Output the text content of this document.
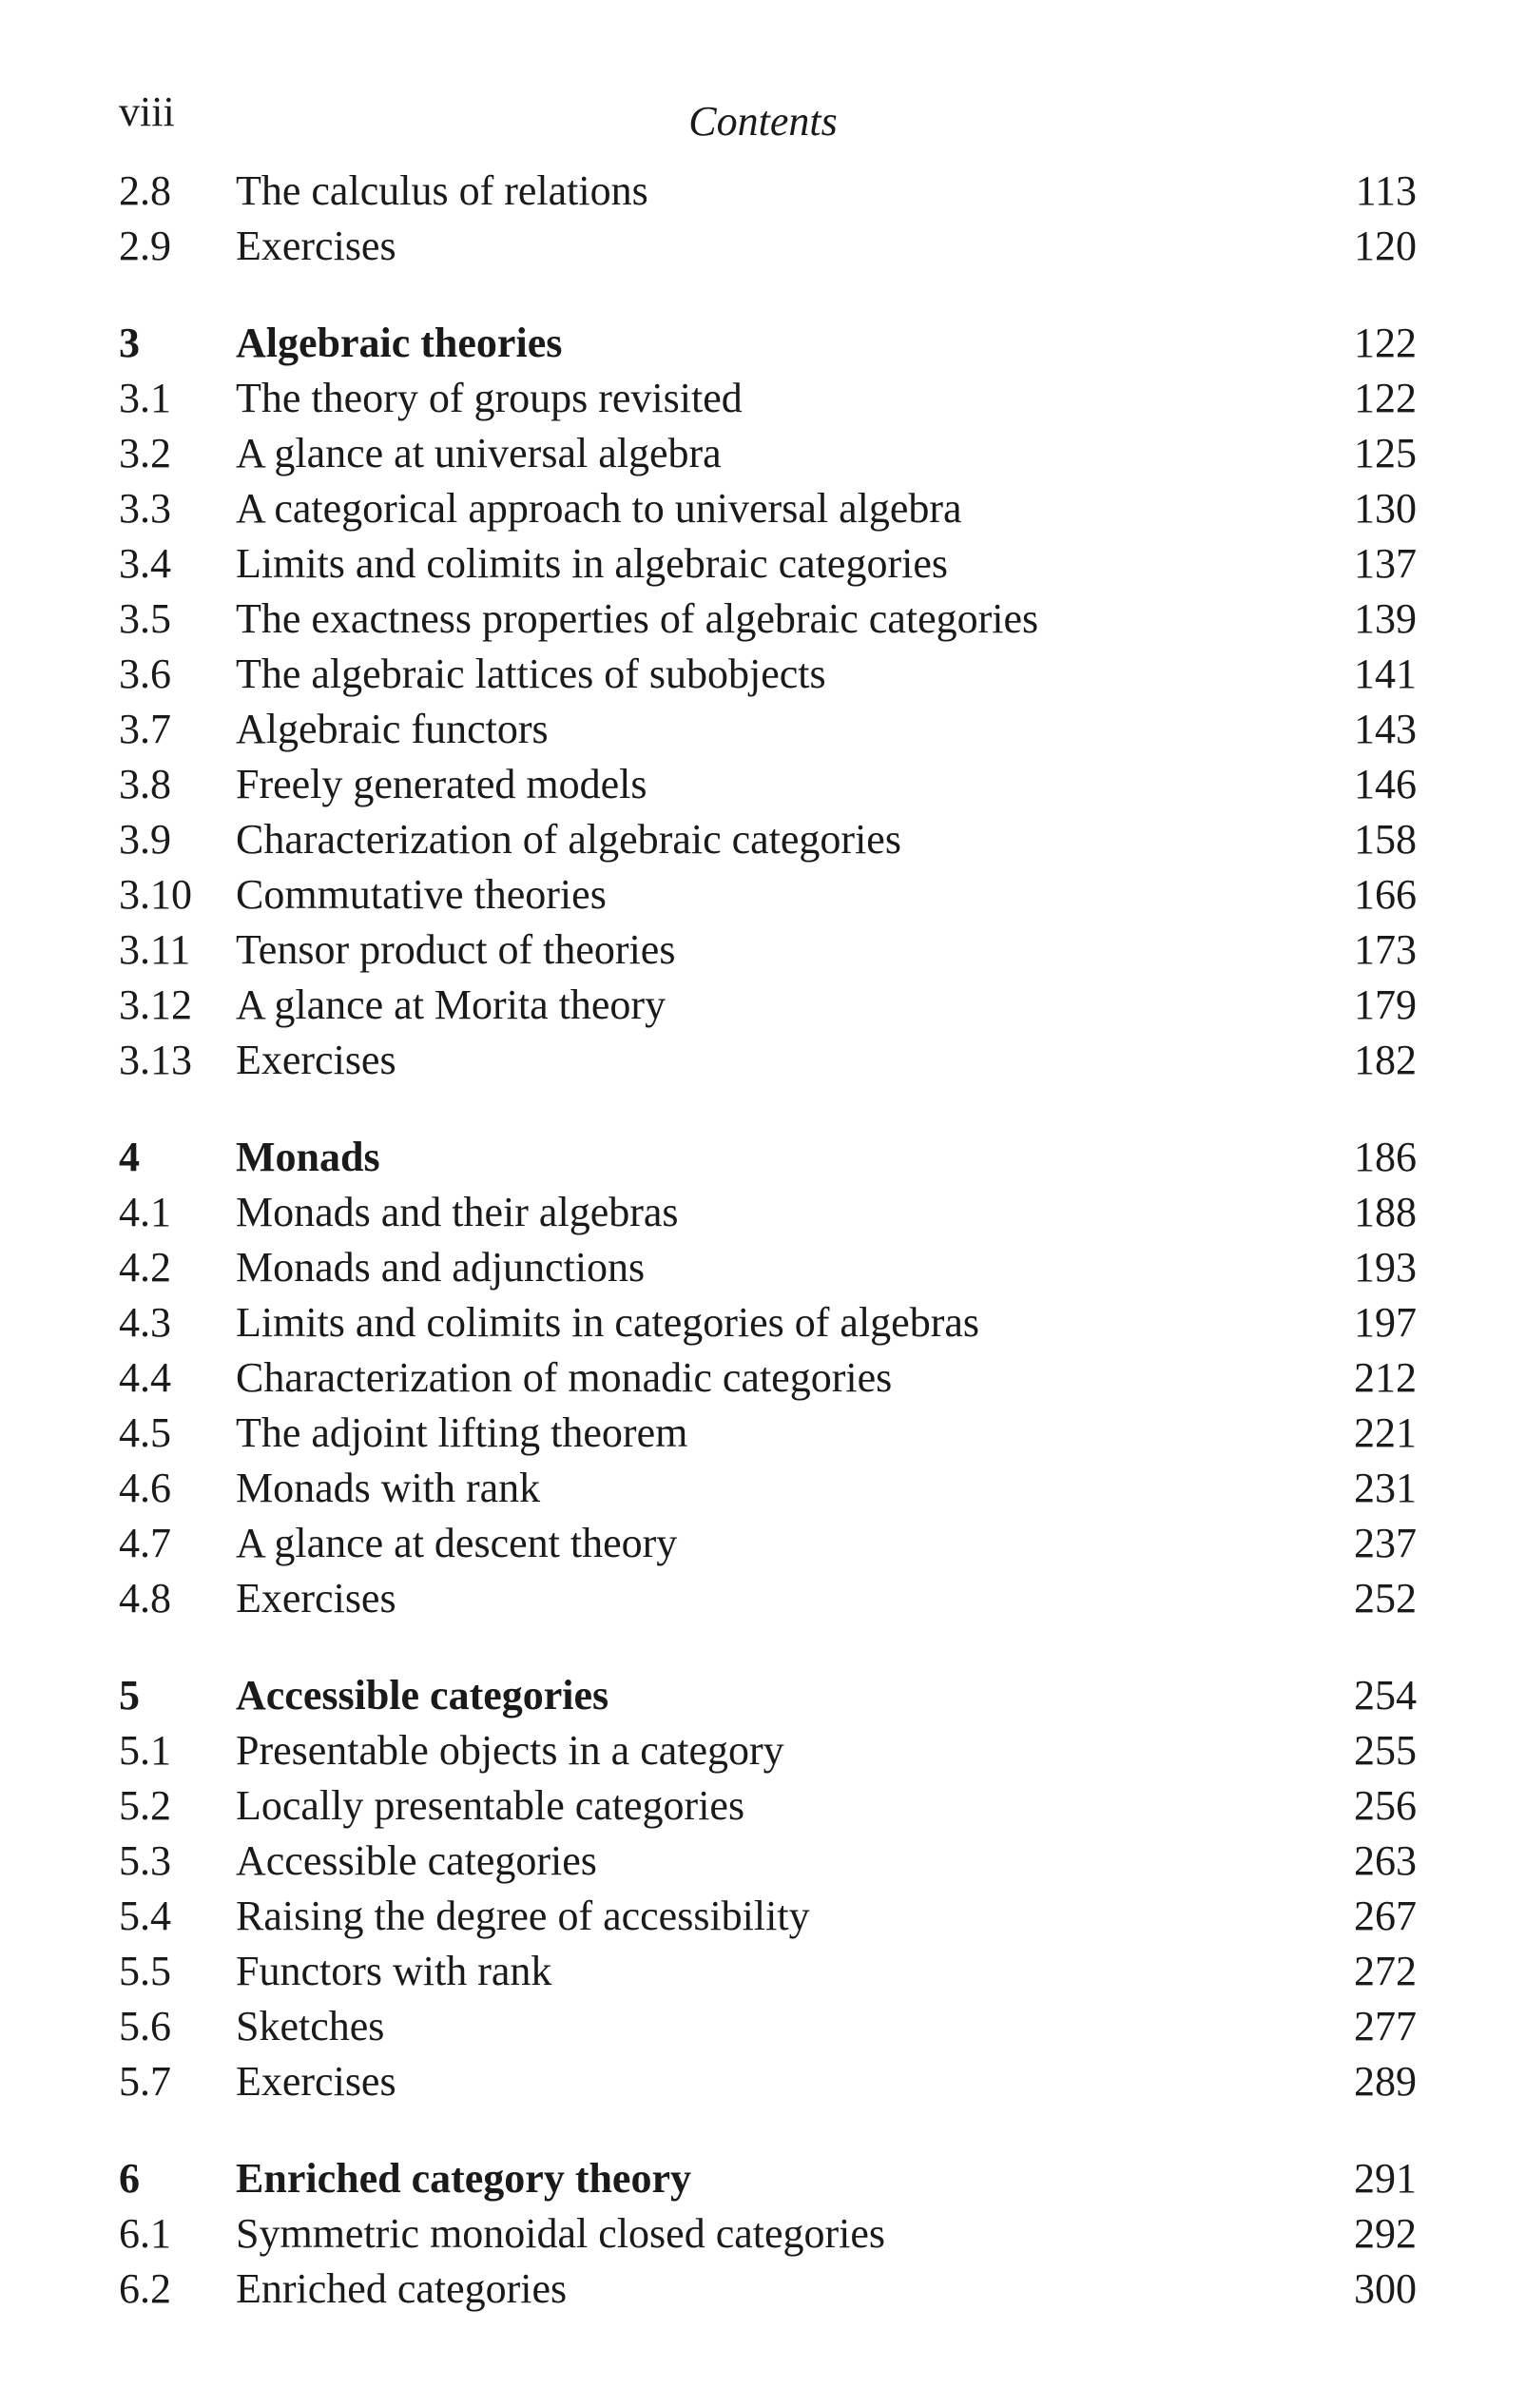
viii	Contents
2.8 The calculus of relations	113
2.9 Exercises	120
3 Algebraic theories	122
3.1 The theory of groups revisited	122
3.2 A glance at universal algebra	125
3.3 A categorical approach to universal algebra	130
3.4 Limits and colimits in algebraic categories	137
3.5 The exactness properties of algebraic categories	139
3.6 The algebraic lattices of subobjects	141
3.7 Algebraic functors	143
3.8 Freely generated models	146
3.9 Characterization of algebraic categories	158
3.10 Commutative theories	166
3.11 Tensor product of theories	173
3.12 A glance at Morita theory	179
3.13 Exercises	182
4 Monads	186
4.1 Monads and their algebras	188
4.2 Monads and adjunctions	193
4.3 Limits and colimits in categories of algebras	197
4.4 Characterization of monadic categories	212
4.5 The adjoint lifting theorem	221
4.6 Monads with rank	231
4.7 A glance at descent theory	237
4.8 Exercises	252
5 Accessible categories	254
5.1 Presentable objects in a category	255
5.2 Locally presentable categories	256
5.3 Accessible categories	263
5.4 Raising the degree of accessibility	267
5.5 Functors with rank	272
5.6 Sketches	277
5.7 Exercises	289
6 Enriched category theory	291
6.1 Symmetric monoidal closed categories	292
6.2 Enriched categories	300
